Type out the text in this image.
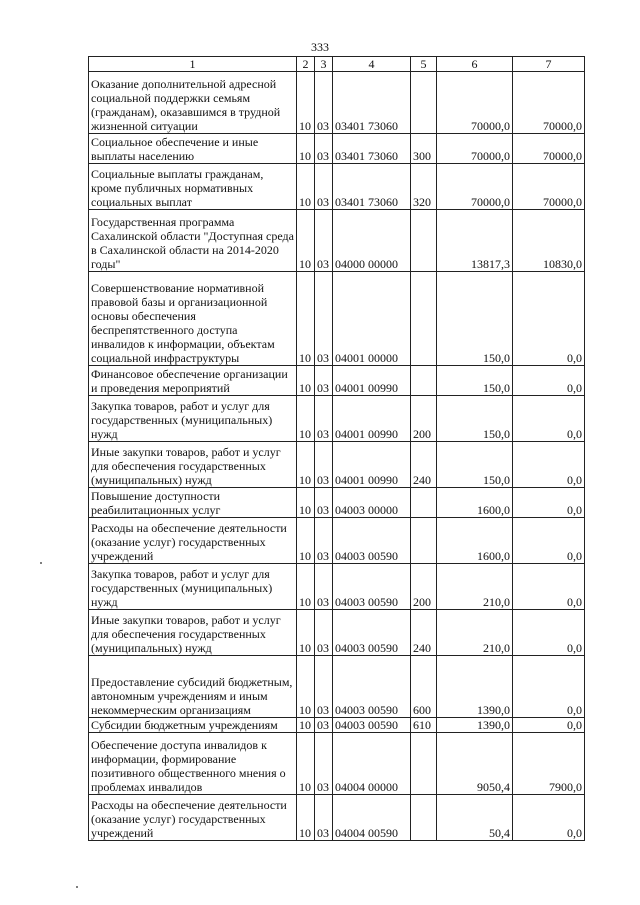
333
1	2	3	4	5	6	7
Оказание дополнительной адресной социальной поддержки семьям (гражданам), оказавшимся в трудной жизненной ситуации	10	03	03401 73060		70000,0	70000,0
Социальное обеспечение и иные выплаты населению	10	03	03401 73060	300	70000,0	70000,0
Социальные выплаты гражданам, кроме публичных нормативных социальных выплат	10	03	03401 73060	320	70000,0	70000,0
Государственная программа Сахалинской области "Доступная среда в Сахалинской области на 2014-2020 годы"	10	03	04000 00000		13817,3	10830,0
Совершенствование нормативной правовой базы и организационной основы обеспечения беспрепятственного доступа инвалидов к информации, объектам социальной инфраструктуры	10	03	04001 00000		150,0	0,0
Финансовое обеспечение организации и проведения мероприятий	10	03	04001 00990		150,0	0,0
Закупка товаров, работ и услуг для государственных (муниципальных) нужд	10	03	04001 00990	200	150,0	0,0
Иные закупки товаров, работ и услуг для обеспечения государственных (муниципальных) нужд	10	03	04001 00990	240	150,0	0,0
Повышение доступности реабилитационных услуг	10	03	04003 00000		1600,0	0,0
Расходы на обеспечение деятельности (оказание услуг) государственных учреждений	10	03	04003 00590		1600,0	0,0
Закупка товаров, работ и услуг для государственных (муниципальных) нужд	10	03	04003 00590	200	210,0	0,0
Иные закупки товаров, работ и услуг для обеспечения государственных (муниципальных) нужд	10	03	04003 00590	240	210,0	0,0
Предоставление субсидий бюджетным, автономным учреждениям и иным некоммерческим организациям	10	03	04003 00590	600	1390,0	0,0
Субсидии бюджетным учреждениям	10	03	04003 00590	610	1390,0	0,0
Обеспечение доступа инвалидов к информации, формирование позитивного общественного мнения о проблемах инвалидов	10	03	04004 00000		9050,4	7900,0
Расходы на обеспечение деятельности (оказание услуг) государственных учреждений	10	03	04004 00590		50,4	0,0
